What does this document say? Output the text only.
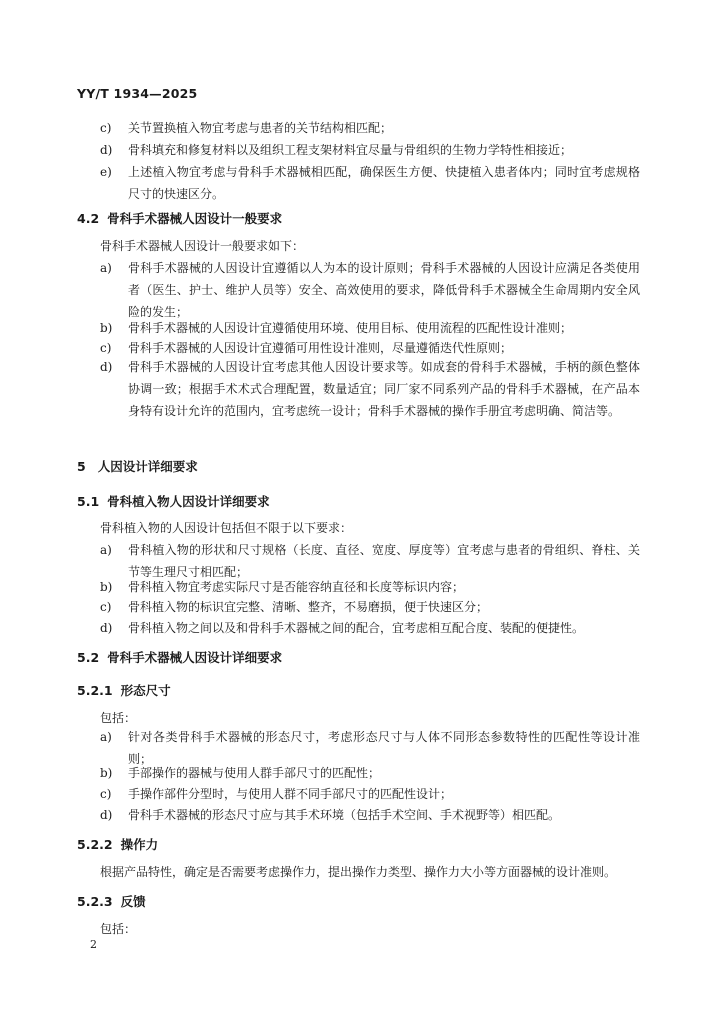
YY/T 1934—2025
c)	关节置换植入物宜考虑与患者的关节结构相匹配；
d)	骨科填充和修复材料以及组织工程支架材料宜尽量与骨组织的生物力学特性相接近；
e)	上述植入物宜考虑与骨科手术器械相匹配，确保医生方便、快捷植入患者体内；同时宜考虑规格尺寸的快速区分。
4.2 骨科手术器械人因设计一般要求
骨科手术器械人因设计一般要求如下：
a)	骨科手术器械的人因设计宜遵循以人为本的设计原则；骨科手术器械的人因设计应满足各类使用者（医生、护士、维护人员等）安全、高效使用的要求，降低骨科手术器械全生命周期内安全风险的发生；
b)	骨科手术器械的人因设计宜遵循使用环境、使用目标、使用流程的匹配性设计准则；
c)	骨科手术器械的人因设计宜遵循可用性设计准则，尽量遵循迭代性原则；
d)	骨科手术器械的人因设计宜考虑其他人因设计要求等。如成套的骨科手术器械，手柄的颜色整体协调一致；根据手术术式合理配置，数量适宜；同厂家不同系列产品的骨科手术器械，在产品本身特有设计允许的范围内，宜考虑统一设计；骨科手术器械的操作手册宜考虑明确、简洁等。
5 人因设计详细要求
5.1 骨科植入物人因设计详细要求
骨科植入物的人因设计包括但不限于以下要求：
a)	骨科植入物的形状和尺寸规格（长度、直径、宽度、厚度等）宜考虑与患者的骨组织、脊柱、关节等生理尺寸相匹配；
b)	骨科植入物宜考虑实际尺寸是否能容纳直径和长度等标识内容；
c)	骨科植入物的标识宜完整、清晰、整齐，不易磨损，便于快速区分；
d)	骨科植入物之间以及和骨科手术器械之间的配合，宜考虑相互配合度、装配的便捷性。
5.2 骨科手术器械人因设计详细要求
5.2.1 形态尺寸
包括：
a)	针对各类骨科手术器械的形态尺寸，考虑形态尺寸与人体不同形态参数特性的匹配性等设计准则；
b)	手部操作的器械与使用人群手部尺寸的匹配性；
c)	手操作部件分型时，与使用人群不同手部尺寸的匹配性设计；
d)	骨科手术器械的形态尺寸应与其手术环境（包括手术空间、手术视野等）相匹配。
5.2.2 操作力
根据产品特性，确定是否需要考虑操作力，提出操作力类型、操作力大小等方面器械的设计准则。
5.2.3 反馈
包括：
2
